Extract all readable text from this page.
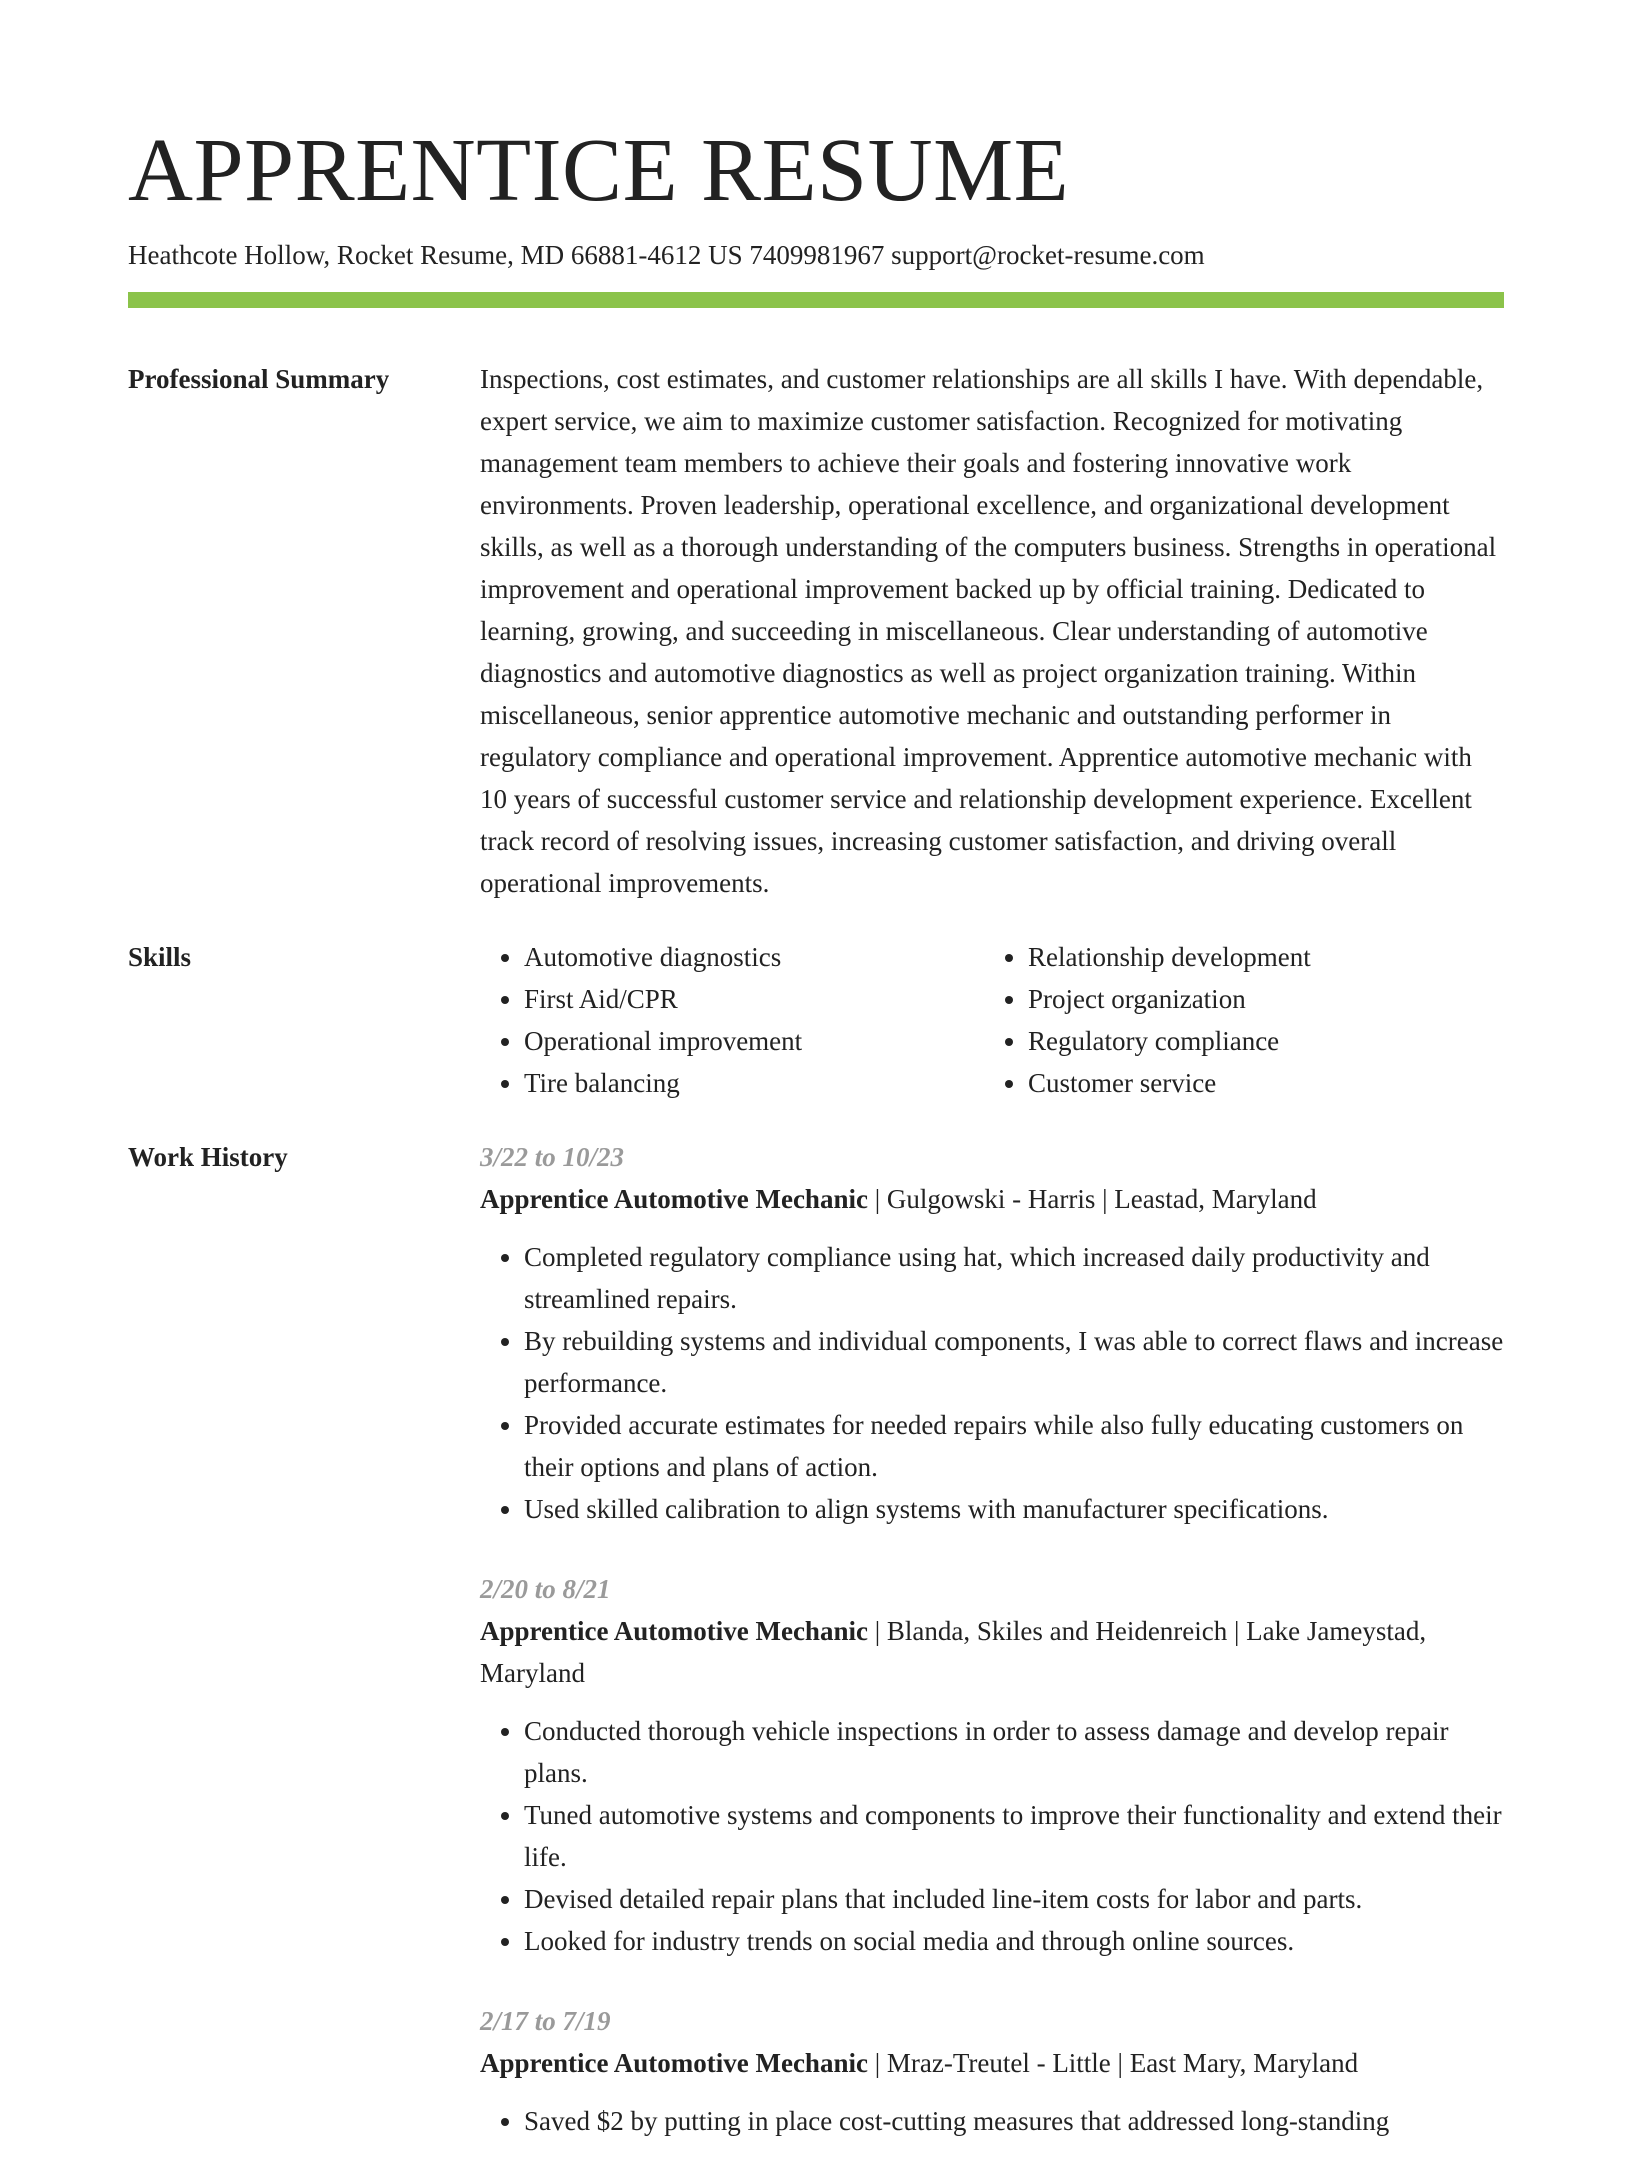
APPRENTICE RESUME
Heathcote Hollow, Rocket Resume, MD 66881-4612 US 7409981967 support@rocket-resume.com
Professional Summary	Inspections, cost estimates, and customer relationships are all skills I have. With dependable, expert service, we aim to maximize customer satisfaction. Recognized for motivating management team members to achieve their goals and fostering innovative work environments. Proven leadership, operational excellence, and organizational development skills, as well as a thorough understanding of the computers business. Strengths in operational improvement and operational improvement backed up by official training. Dedicated to learning, growing, and succeeding in miscellaneous. Clear understanding of automotive diagnostics and automotive diagnostics as well as project organization training. Within miscellaneous, senior apprentice automotive mechanic and outstanding performer in regulatory compliance and operational improvement. Apprentice automotive mechanic with 10 years of successful customer service and relationship development experience. Excellent track record of resolving issues, increasing customer satisfaction, and driving overall operational improvements.

Skills
•	Automotive diagnostics
• First Aid/CPR
• Operational improvement
• Tire balancing
• Relationship development
• Project organization
• Regulatory compliance
• Customer service
Work History	3/22 to 10/23
Apprentice Automotive Mechanic | Gulgowski - Harris | Leastad, Maryland
• Completed regulatory compliance using hat, which increased daily productivity and streamlined repairs.
• By rebuilding systems and individual components, I was able to correct flaws and increase performance.
• Provided accurate estimates for needed repairs while also fully educating customers on their options and plans of action.
• Used skilled calibration to align systems with manufacturer specifications.
2/20 to 8/21
Apprentice Automotive Mechanic | Blanda, Skiles and Heidenreich | Lake Jameystad, Maryland
• Conducted thorough vehicle inspections in order to assess damage and develop repair plans.
• Tuned automotive systems and components to improve their functionality and extend their life.
• Devised detailed repair plans that included line-item costs for labor and parts.
• Looked for industry trends on social media and through online sources.
2/17 to 7/19
Apprentice Automotive Mechanic | Mraz-Treutel - Little | East Mary, Maryland
• Saved $2 by putting in place cost-cutting measures that addressed long-standing
